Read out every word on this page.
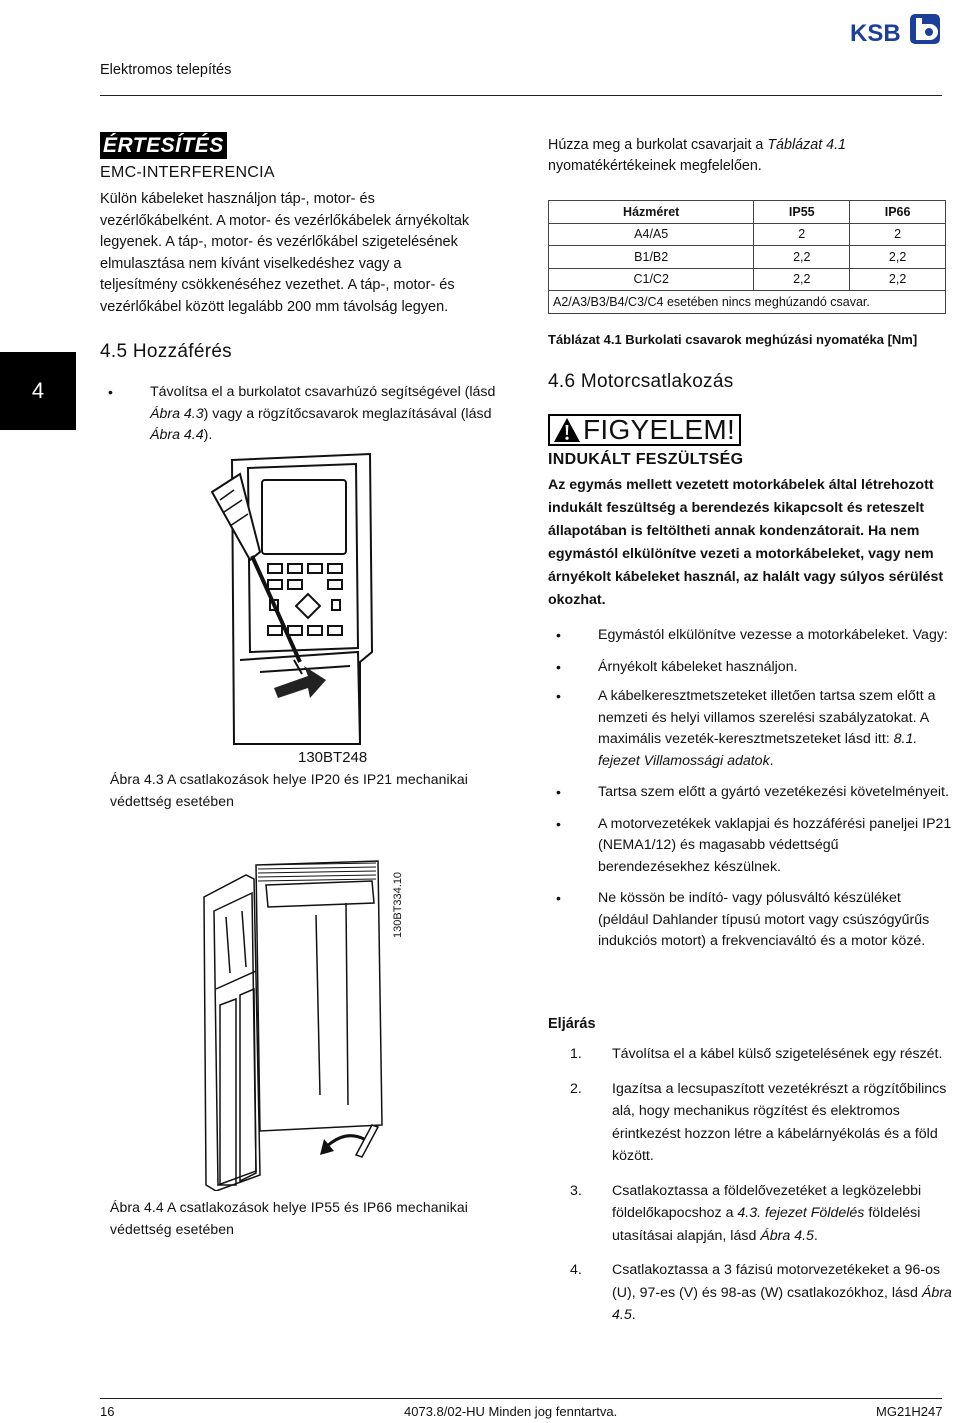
KSB
Elektromos telepítés
4
ÉRTESÍTÉS
EMC-INTERFERENCIA
Külön kábeleket használjon táp-, motor- és vezérlőkábelként. A motor- és vezérlőkábelek árnyékoltak legyenek. A táp-, motor- és vezérlőkábel szigetelésének elmulasztása nem kívánt viselkedéshez vagy a teljesítmény csökkenéséhez vezethet. A táp-, motor- és vezérlőkábel között legalább 200 mm távolság legyen.
4.5 Hozzáférés
• Távolítsa el a burkolatot csavarhúzó segítségével (lásd Ábra 4.3) vagy a rögzítőcsavarok meglazításával (lásd Ábra 4.4).
130BT248
Ábra 4.3 A csatlakozások helye IP20 és IP21 mechanikai védettség esetében
130BT334.10
Ábra 4.4 A csatlakozások helye IP55 és IP66 mechanikai védettség esetében
Húzza meg a burkolat csavarjait a Táblázat 4.1 nyomatékértékeinek megfelelően.
Házméret	IP55	IP66
A4/A5	2	2
B1/B2	2,2	2,2
C1/C2	2,2	2,2
A2/A3/B3/B4/C3/C4 esetében nincs meghúzandó csavar.		
Táblázat 4.1 Burkolati csavarok meghúzási nyomatéka [Nm]
4.6 Motorcsatlakozás
FIGYELEM!
INDUKÁLT FESZÜLTSÉG
Az egymás mellett vezetett motorkábelek által létrehozott indukált feszültség a berendezés kikapcsolt és reteszelt állapotában is feltöltheti annak kondenzátorait. Ha nem egymástól elkülönítve vezeti a motorkábeleket, vagy nem árnyékolt kábeleket használ, az halált vagy súlyos sérülést okozhat.
• Egymástól elkülönítve vezesse a motorkábeleket. Vagy:
• Árnyékolt kábeleket használjon.
• A kábelkeresztmetszeteket illetően tartsa szem előtt a nemzeti és helyi villamos szerelési szabályzatokat. A maximális vezeték-keresztmetszeteket lásd itt: 8.1. fejezet Villamossági adatok.
• Tartsa szem előtt a gyártó vezetékezési követelményeit.
• A motorvezetékek vaklapjai és hozzáférési paneljei IP21 (NEMA1/12) és magasabb védettségű berendezésekhez készülnek.
• Ne kössön be indító- vagy pólusváltó készüléket (például Dahlander típusú motort vagy csúszógyűrűs indukciós motort) a frekvenciaváltó és a motor közé.
Eljárás
1. Távolítsa el a kábel külső szigetelésének egy részét.
2. Igazítsa a lecsupaszított vezetékrészt a rögzítőbilincs alá, hogy mechanikus rögzítést és elektromos érintkezést hozzon létre a kábelárnyékolás és a föld között.
3. Csatlakoztassa a földelővezetéket a legközelebbi földelőkapocshoz a 4.3. fejezet Földelés földelési utasításai alapján, lásd Ábra 4.5.
4. Csatlakoztassa a 3 fázisú motorvezetékeket a 96-os (U), 97-es (V) és 98-as (W) csatlakozókhoz, lásd Ábra 4.5.
16	4073.8/02-HU Minden jog fenntartva.	MG21H247
